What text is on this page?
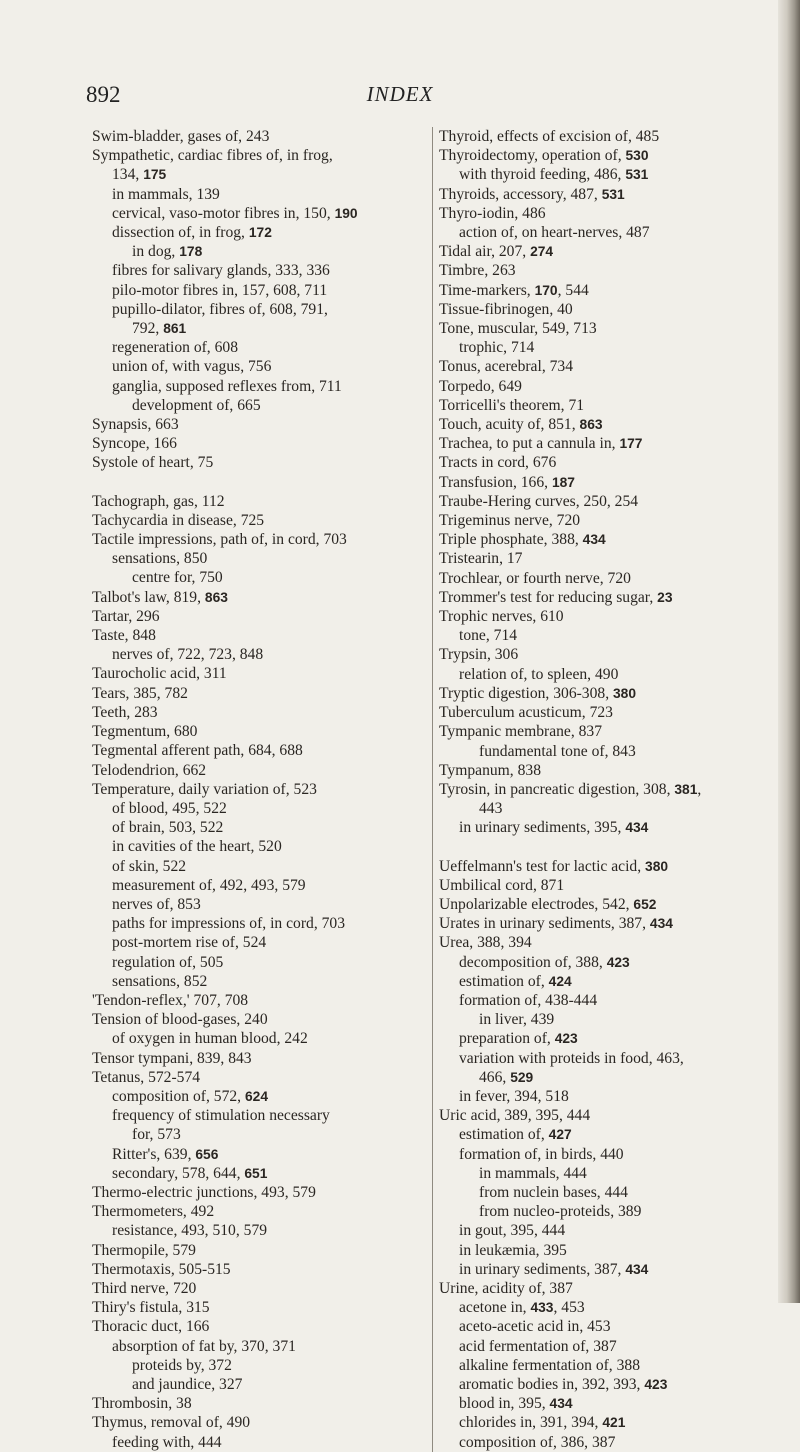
892	INDEX
Swim-bladder, gases of, 243
Sympathetic, cardiac fibres of, in frog,
134, 175
in mammals, 139
cervical, vaso-motor fibres in, 150, 190
dissection of, in frog, 172
in dog, 178
fibres for salivary glands, 333, 336
pilo-motor fibres in, 157, 608, 711
pupillo-dilator, fibres of, 608, 791,
792, 861
regeneration of, 608
union of, with vagus, 756
ganglia, supposed reflexes from, 711
development of, 665
Synapsis, 663
Syncope, 166
Systole of heart, 75
Tachograph, gas, 112
Tachycardia in disease, 725
Tactile impressions, path of, in cord, 703
sensations, 850
centre for, 750
Talbot's law, 819, 863
Tartar, 296
Taste, 848
nerves of, 722, 723, 848
Taurocholic acid, 311
Tears, 385, 782
Teeth, 283
Tegmentum, 680
Tegmental afferent path, 684, 688
Telodendrion, 662
Temperature, daily variation of, 523
of blood, 495, 522
of brain, 503, 522
in cavities of the heart, 520
of skin, 522
measurement of, 492, 493, 579
nerves of, 853
paths for impressions of, in cord, 703
post-mortem rise of, 524
regulation of, 505
sensations, 852
'Tendon-reflex,' 707, 708
Tension of blood-gases, 240
of oxygen in human blood, 242
Tensor tympani, 839, 843
Tetanus, 572-574
composition of, 572, 624
frequency of stimulation necessary
for, 573
Ritter's, 639, 656
secondary, 578, 644, 651
Thermo-electric junctions, 493, 579
Thermometers, 492
resistance, 493, 510, 579
Thermopile, 579
Thermotaxis, 505-515
Third nerve, 720
Thiry's fistula, 315
Thoracic duct, 166
absorption of fat by, 370, 371
proteids by, 372
and jaundice, 327
Thrombosin, 38
Thymus, removal of, 490
feeding with, 444
Thyroid, effects of excision of, 485
Thyroidectomy, operation of, 530
with thyroid feeding, 486, 531
Thyroids, accessory, 487, 531
Thyro-iodin, 486
action of, on heart-nerves, 487
Tidal air, 207, 274
Timbre, 263
Time-markers, 170, 544
Tissue-fibrinogen, 40
Tone, muscular, 549, 713
trophic, 714
Tonus, acerebral, 734
Torpedo, 649
Torricelli's theorem, 71
Touch, acuity of, 851, 863
Trachea, to put a cannula in, 177
Tracts in cord, 676
Transfusion, 166, 187
Traube-Hering curves, 250, 254
Trigeminus nerve, 720
Triple phosphate, 388, 434
Tristearin, 17
Trochlear, or fourth nerve, 720
Trommer's test for reducing sugar, 23
Trophic nerves, 610
tone, 714
Trypsin, 306
relation of, to spleen, 490
Tryptic digestion, 306-308, 380
Tuberculum acusticum, 723
Tympanic membrane, 837
fundamental tone of, 843
Tympanum, 838
Tyrosin, in pancreatic digestion, 308, 381,
443
in urinary sediments, 395, 434
Ueffelmann's test for lactic acid, 380
Umbilical cord, 871
Unpolarizable electrodes, 542, 652
Urates in urinary sediments, 387, 434
Urea, 388, 394
decomposition of, 388, 423
estimation of, 424
formation of, 438-444
in liver, 439
preparation of, 423
variation with proteids in food, 463,
466, 529
in fever, 394, 518
Uric acid, 389, 395, 444
estimation of, 427
formation of, in birds, 440
in mammals, 444
from nuclein bases, 444
from nucleo-proteids, 389
in gout, 395, 444
in leukæmia, 395
in urinary sediments, 387, 434
Urine, acidity of, 387
acetone in, 433, 453
aceto-acetic acid in, 453
acid fermentation of, 387
alkaline fermentation of, 388
aromatic bodies in, 392, 393, 423
blood in, 395, 434
chlorides in, 391, 394, 421
composition of, 386, 387
